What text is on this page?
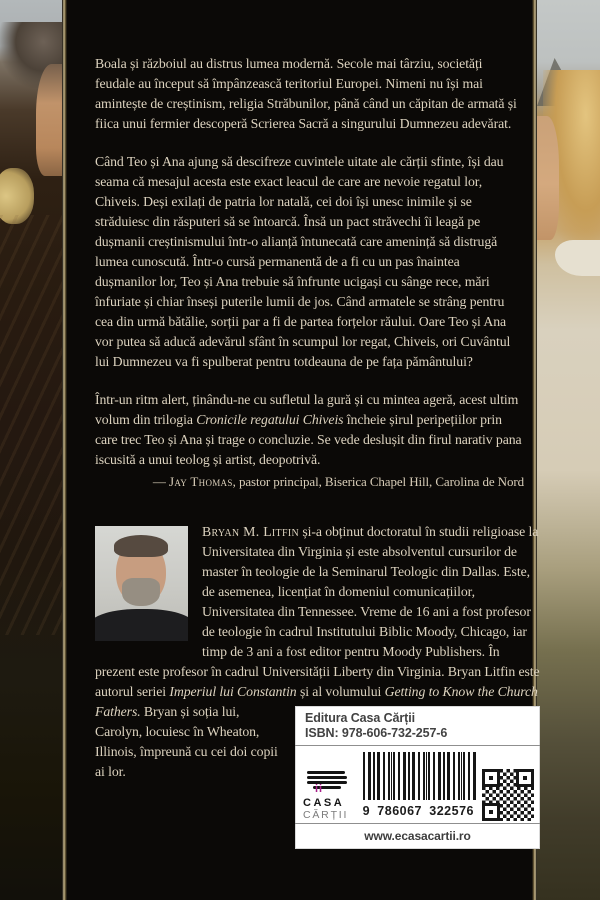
Boala și războiul au distrus lumea modernă. Secole mai târziu, societăți feudale au început să împânzească teritoriul Europei. Nimeni nu își mai amintește de creștinism, religia Străbunilor, până când un căpitan de armată și fiica unui fermier descoperă Scrierea Sacră a singurului Dumnezeu adevărat.

Când Teo și Ana ajung să descifreze cuvintele uitate ale cărții sfinte, își dau seama că mesajul acesta este exact leacul de care are nevoie regatul lor, Chiveis. Deși exilați de patria lor natală, cei doi își unesc inimile și se străduiesc din răsputeri să se întoarcă. Însă un pact străvechi îi leagă pe dușmanii creștinismului într-o alianță întunecată care amenință să distrugă lumea cunoscută. Într-o cursă permanentă de a fi cu un pas înaintea dușmanilor lor, Teo și Ana trebuie să înfrunte ucigași cu sânge rece, mări înfuriate și chiar înseși puterile lumii de jos. Când armatele se strâng pentru cea din urmă bătălie, sorții par a fi de partea forțelor răului. Oare Teo și Ana vor putea să aducă adevărul sfânt în scumpul lor regat, Chiveis, ori Cuvântul lui Dumnezeu va fi spulberat pentru totdeauna de pe fața pământului?

Într-un ritm alert, ținându-ne cu sufletul la gură și cu mintea ageră, acest ultim volum din trilogia Cronicile regatului Chiveis încheie șirul peripețiilor prin care trec Teo și Ana și trage o concluzie. Se vede deslușit din firul narativ pana iscusită a unui teolog și artist, deopotrivă.

— Jay Thomas, pastor principal, Biserica Chapel Hill, Carolina de Nord
Bryan M. Litfin și-a obținut doctoratul în studii religioase la Universitatea din Virginia și este absolventul cursurilor de master în teologie de la Seminarul Teologic din Dallas. Este, de asemenea, licențiat în domeniul comunicațiilor, Universitatea din Tennessee. Vreme de 16 ani a fost profesor de teologie în cadrul Institutului Biblic Moody, Chicago, iar timp de 3 ani a fost editor pentru Moody Publishers. În prezent este profesor în cadrul Universității Liberty din Virginia. Bryan Litfin este autorul seriei Imperiul lui Constantin și al volumului Getting to Know the Church Fathers.	Editura Casa Cărții
ISBN: 978-606-732-257-6
ii
CASA
CĂRȚII	9 786067 322576
www.ecasacartii.ro
Bryan și soția lui, Carolyn, locuiesc în Wheaton, Illinois, împreună cu cei doi copii ai lor.
